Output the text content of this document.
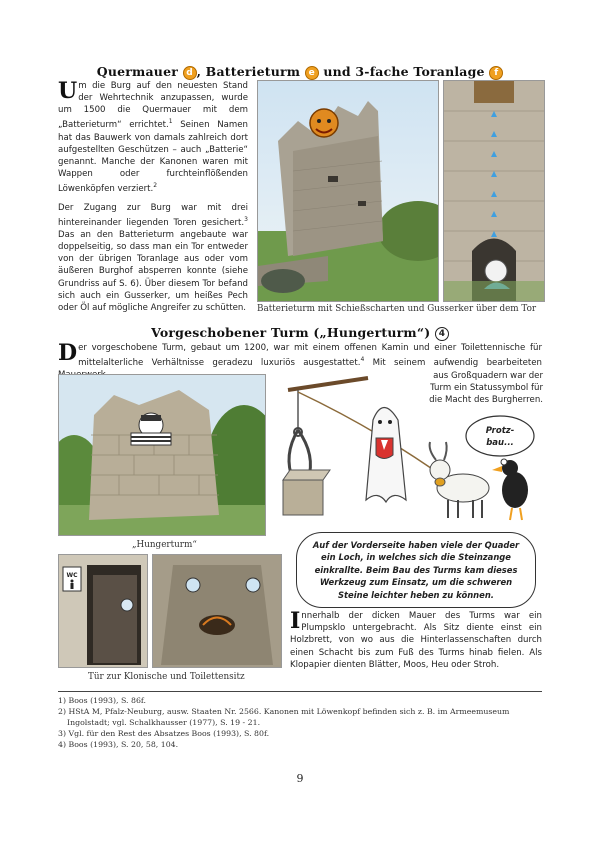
Quermauer d , Batterieturm e und 3-fache Toranlage f
Um die Burg auf den neuesten Stand der Wehrtechnik anzupassen, wurde um 1500 die Quermauer mit dem „Batterieturm“ errichtet.$^1$ Seinen Namen hat das Bauwerk von damals zahlreich dort aufgestellten Geschützen – auch „Batterie“ genannt. Manche der Kanonen waren mit Wappen oder furchteinflößenden Löwenköpfen verziert.$^2$
Der Zugang zur Burg war mit drei hintereinander liegenden Toren gesichert.$^3$ Das an den Batterieturm angebaute war doppelseitig, so dass man ein Tor entweder von der übrigen Toranlage aus oder vom äußeren Burghof absperren konnte (siehe Grundriss auf S. 6). Über diesem Tor befand sich auch ein Gusserker, um heißes Pech oder Öl auf mögliche Angreifer zu schütten. Batterieturm mit Schießscharten und Gusserker über dem Tor
Vorgeschobener Turm („Hungerturm“) 4
Der vorgeschobene Turm, gebaut um 1200, war mit einem offenen Kamin und einer Toilettennische für mittelalterliche Verhältnisse geradezu luxuriös ausgestattet.$^4$ Mit seinem aufwendig bearbeiteten
aus Großquadern war der Turm ein Statussymbol für die Macht des Burgherren.
„Hungerturm“
Protz-
bau...
Auf der Vorderseite haben viele der Quader ein Loch, in welches sich die Steinzange einkrallte. Beim Bau des Turms kam dieses Werkzeug zum Einsatz, um die schweren Steine leichter heben zu können.
WC
Tür zur Klonische und Toilettensitz
Innerhalb der dicken Mauer des Turms war ein Plumpsklo untergebracht. Als Sitz diente einst ein Holzbrett, von wo aus die Hinterlassenschaften durch einen Schacht bis zum Fuß des Turms hinab fielen. Als Klopapier dienten Blätter, Moos, Heu oder Stroh.
1) Boos (1993), S. 86f.
2) HStA M, Pfalz-Neuburg, ausw. Staaten Nr. 2566. Kanonen mit Löwenkopf befinden sich z. B. im Armeemuseum Ingolstadt; vgl. Schalkhausser (1977), S. 19 - 21.
3) Vgl. für den Rest des Absatzes Boos (1993), S. 80f.
4) Boos (1993), S. 20, 58, 104.
9
